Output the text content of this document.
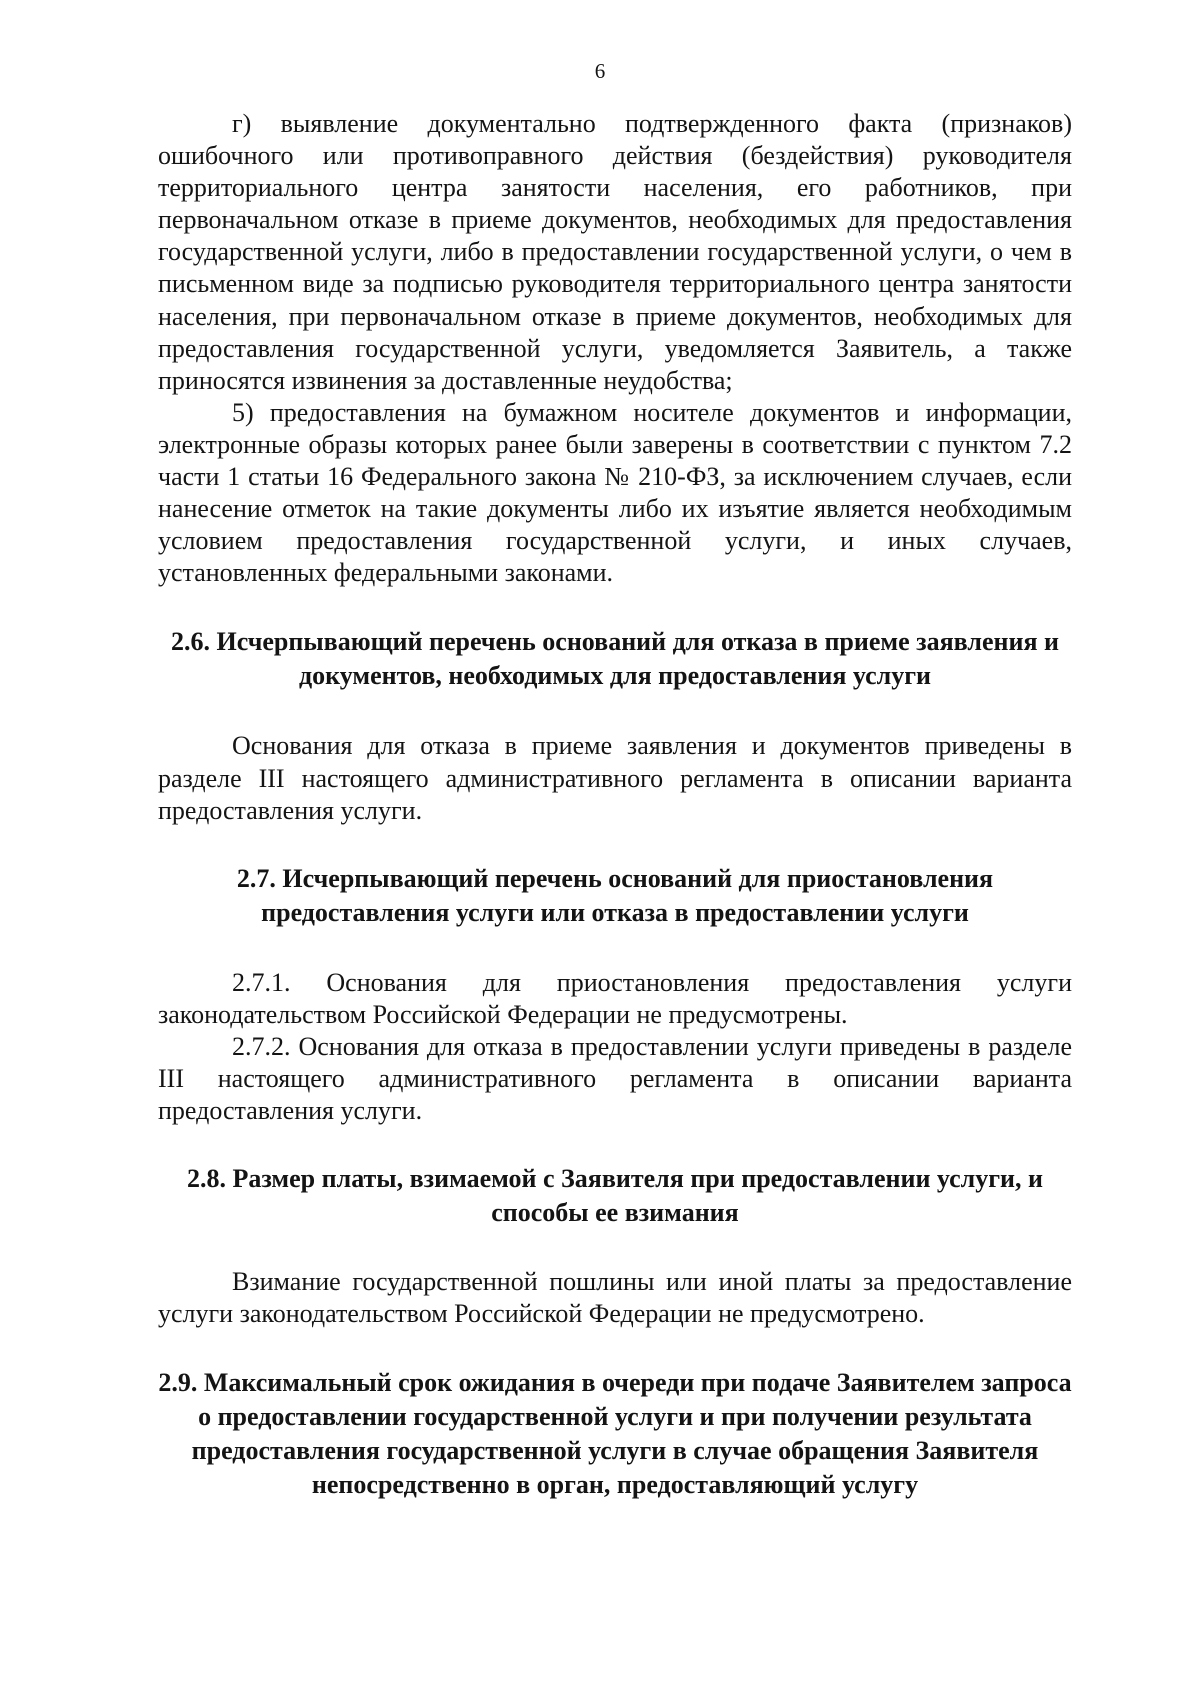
6

г) выявление документально подтвержденного факта (признаков) ошибочного или противоправного действия (бездействия) руководителя территориального центра занятости населения, его работников, при первоначальном отказе в приеме документов, необходимых для предоставления государственной услуги, либо в предоставлении государственной услуги, о чем в письменном виде за подписью руководителя территориального центра занятости населения, при первоначальном отказе в приеме документов, необходимых для предоставления государственной услуги, уведомляется Заявитель, а также приносятся извинения за доставленные неудобства;

5) предоставления на бумажном носителе документов и информации, электронные образы которых ранее были заверены в соответствии с пунктом 7.2 части 1 статьи 16 Федерального закона № 210-ФЗ, за исключением случаев, если нанесение отметок на такие документы либо их изъятие является необходимым условием предоставления государственной услуги, и иных случаев, установленных федеральными законами.

2.6. Исчерпывающий перечень оснований для отказа в приеме заявления и документов, необходимых для предоставления услуги

Основания для отказа в приеме заявления и документов приведены в разделе III настоящего административного регламента в описании варианта предоставления услуги.

2.7. Исчерпывающий перечень оснований для приостановления предоставления услуги или отказа в предоставлении услуги

2.7.1. Основания для приостановления предоставления услуги законодательством Российской Федерации не предусмотрены.

2.7.2. Основания для отказа в предоставлении услуги приведены в разделе III настоящего административного регламента в описании варианта предоставления услуги.

2.8. Размер платы, взимаемой с Заявителя при предоставлении услуги, и способы ее взимания

Взимание государственной пошлины или иной платы за предоставление услуги законодательством Российской Федерации не предусмотрено.

2.9. Максимальный срок ожидания в очереди при подаче Заявителем запроса о предоставлении государственной услуги и при получении результата предоставления государственной услуги в случае обращения Заявителя непосредственно в орган, предоставляющий услугу
